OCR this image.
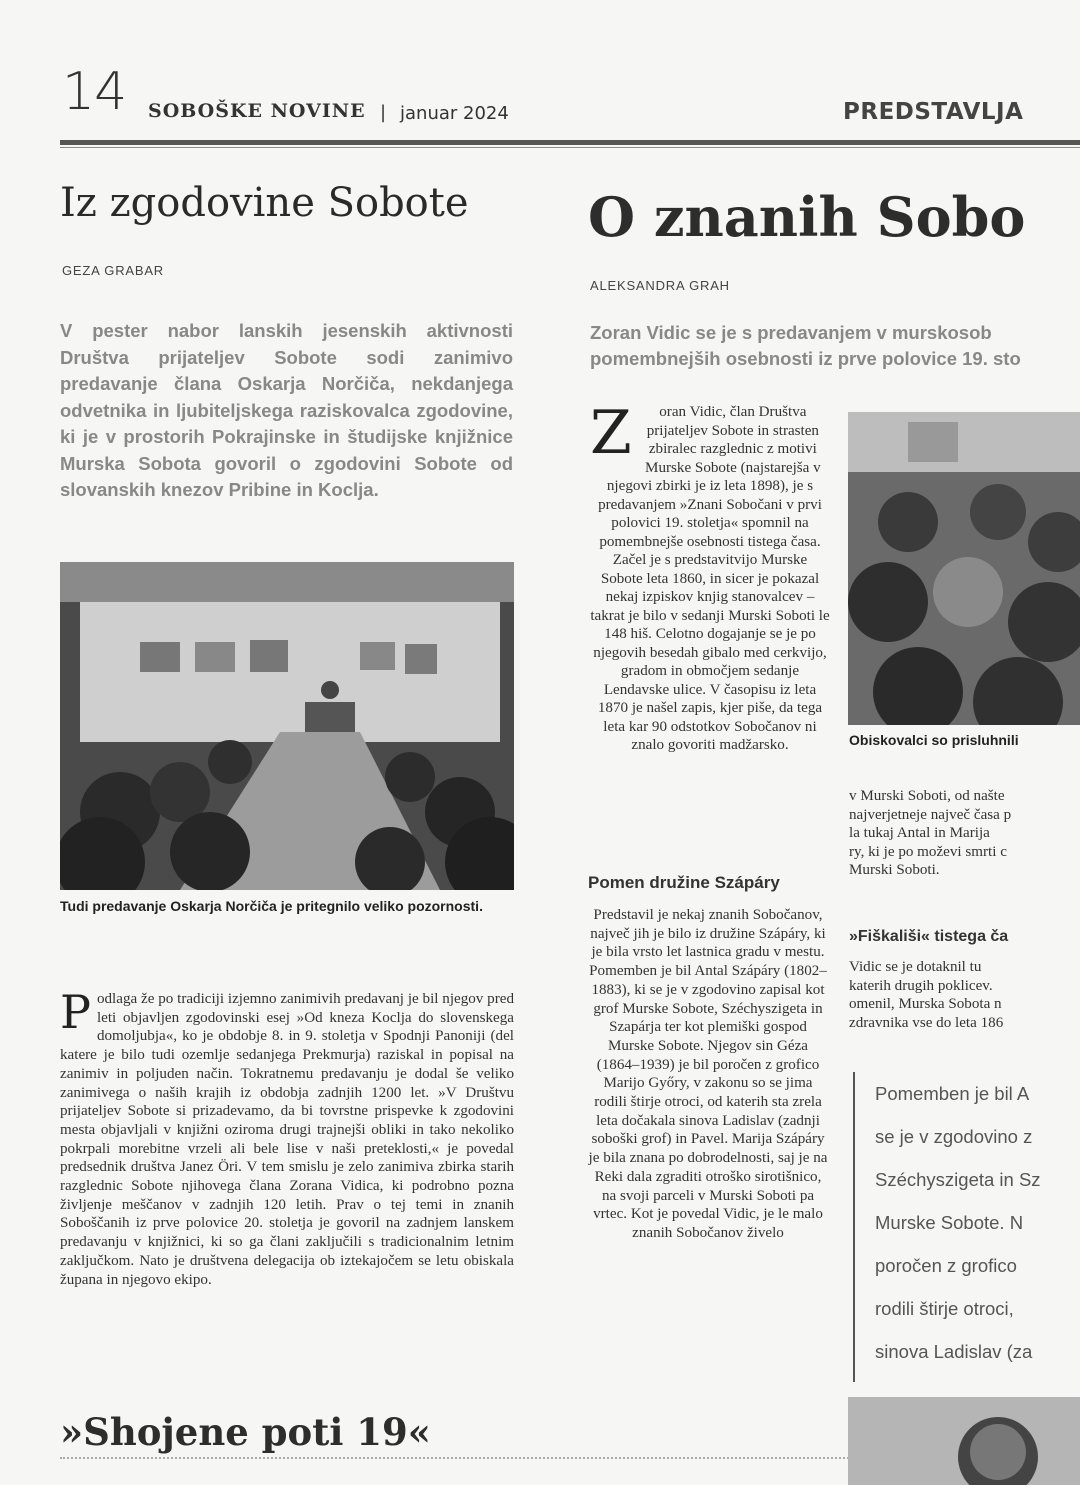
14 SOBOŠKE NOVINE | januar 2024	PREDSTAVLJA
Iz zgodovine Sobote
GEZA GRABAR

V pester nabor lanskih jesenskih aktivnosti Društva prijateljev Sobote sodi zanimivo predavanje člana Oskarja Norčiča, nekdanjega odvetnika in ljubiteljskega raziskovalca zgodovine, ki je v prostorih Pokrajinske in študijske knjižnice Murska Sobota govoril o zgodovini Sobote od slovanskih knezov Pribine in Koclja.

Tudi predavanje Oskarja Norčiča je pritegnilo veliko pozornosti.

P odlaga že po tradiciji izjemno zanimivih predavanj je bil njegov pred leti objavljen zgodovinski esej »Od kneza Koclja do slovenskega domoljubja«, ko je obdobje 8. in 9. stoletja v Spodnji Panoniji (del katere je bilo tudi ozemlje sedanjega Prekmurja) raziskal in popisal na zanimiv in poljuden način. Tokratnemu predavanju je dodal še veliko zanimivega o naših krajih iz obdobja zadnjih 1200 let. »V Društvu prijateljev Sobote si prizadevamo, da bi tovrstne prispevke k zgodovini mesta objavljali v knjižni oziroma drugi trajnejši obliki in tako nekoliko pokrpali morebitne vrzeli ali bele lise v naši preteklosti,« je povedal predsednik društva Janez Öri. V tem smislu je zelo zanimiva zbirka starih razglednic Sobote njihovega člana Zorana Vidica, ki podrobno pozna življenje meščanov v zadnjih 120 letih. Prav o tej temi in znanih Soboščanih iz prve polovice 20. stoletja je govoril na zadnjem lanskem predavanju v knjižnici, ki so ga člani zaključili s tradicionalnim letnim zaključkom. Nato je društvena delegacija ob iztekajočem se letu obiskala župana in njegovo ekipo.
»Shojene poti 19«
O znanih Sobo
ALEKSANDRA GRAH
Zoran Vidic se je s predavanjem v murskosob
pomembnejših osebnosti iz prve polovice 19. sto
Z oran Vidic, član Društva prijateljev Sobote in strasten zbiralec razglednic z motivi Murske Sobote (najstarejša v njegovi zbirki je iz leta 1898), je s predavanjem »Znani Sobočani v prvi polovici 19. stoletja« spomnil na pomembnejše osebnosti tistega časa. Začel je s predstavitvijo Murske Sobote leta 1860, in sicer je pokazal nekaj izpiskov knjig stanovalcev – takrat je bilo v sedanji Murski Soboti le 148 hiš. Celotno dogajanje se je po njegovih besedah gibalo med cerkvijo, gradom in območjem sedanje Lendavske ulice. V časopisu iz leta 1870 je našel zapis, kjer piše, da tega leta kar 90 odstotkov Sobočanov ni znalo govoriti madžarsko.
Pomen družine Szápáry

Predstavil je nekaj znanih Sobočanov, največ jih je bilo iz družine Szápáry, ki je bila vrsto let lastnica gradu v mestu. Pomemben je bil Antal Szápáry (1802–1883), ki se je v zgodovino zapisal kot grof Murske Sobote, Széchyszigeta in Szapárja ter kot plemiški gospod Murske Sobote. Njegov sin Géza (1864–1939) je bil poročen z grofico Marijo Győry, v zakonu so se jima rodili štirje otroci, od katerih sta zrela leta dočakala sinova Ladislav (zadnji soboški grof) in Pavel. Marija Szápáry je bila znana po dobrodelnosti, saj je na Reki dala zgraditi otroško sirotišnico, na svoji parceli v Murski Soboti pa vrtec. Kot je povedal Vidic, je le malo znanih Sobočanov živelo

Obiskovalci so prisluhnili
v Murski Soboti, od našte
najverjetneje največ časa p
la tukaj Antal in Marija
ry, ki je po moževi smrti c
Murski Soboti.
»Fiškališi« tistega ča
Vidic se je dotaknil tu
katerih drugih poklicev.
omenil, Murska Sobota n
zdravnika vse do leta 186
Pomemben je bil A
se je v zgodovino z
Széchyszigeta in Sz
Murske Sobote. N
poročen z grofico
rodili štirje otroci,
sinova Ladislav (za
